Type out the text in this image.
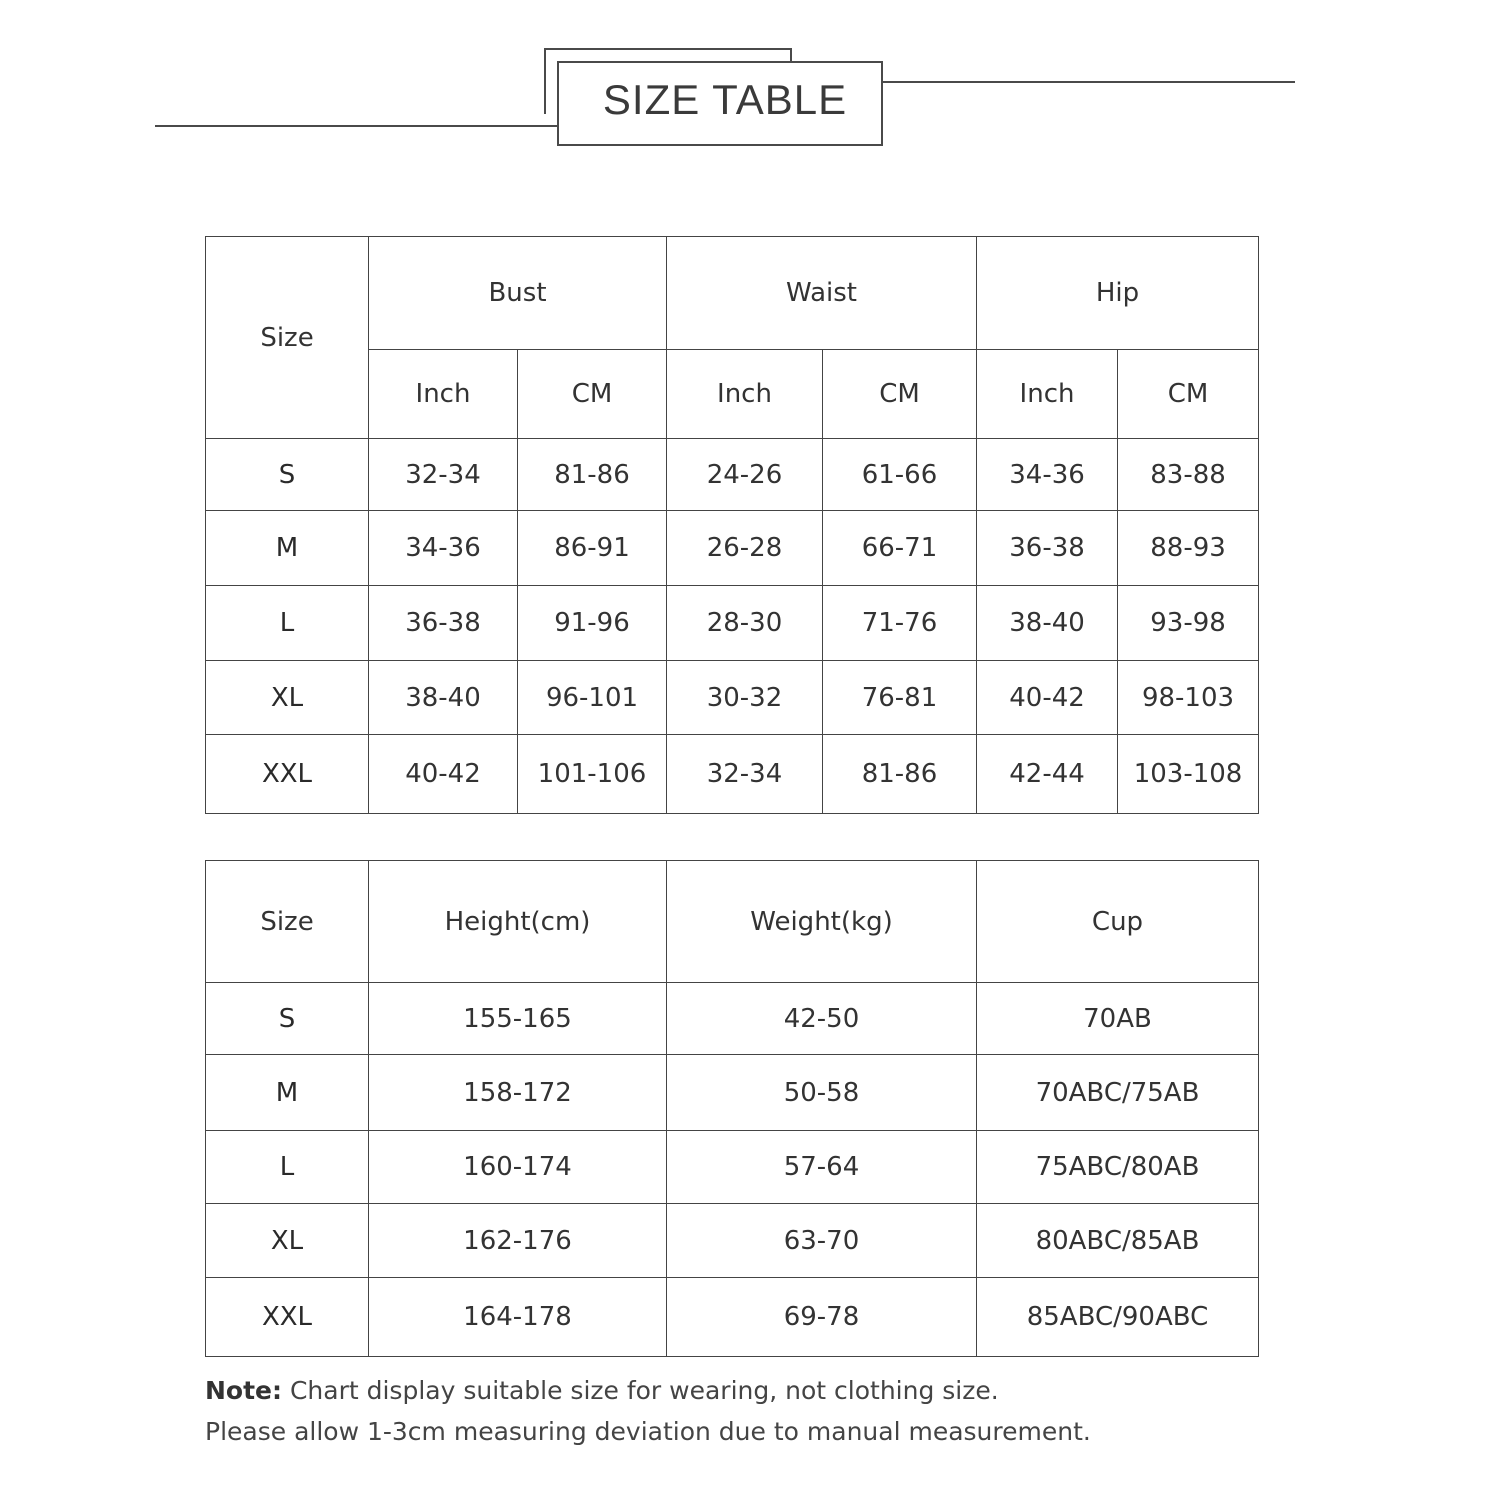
SIZE TABLE
Size	Bust		Waist		Hip	
	Inch	CM	Inch	CM	Inch	CM
S	32-34	81-86	24-26	61-66	34-36	83-88
M	34-36	86-91	26-28	66-71	36-38	88-93
L	36-38	91-96	28-30	71-76	38-40	93-98
XL	38-40	96-101	30-32	76-81	40-42	98-103
XXL	40-42	101-106	32-34	81-86	42-44	103-108
Size	Height(cm)	Weight(kg)	Cup
S	155-165	42-50	70AB
M	158-172	50-58	70ABC/75AB
L	160-174	57-64	75ABC/80AB
XL	162-176	63-70	80ABC/85AB
XXL	164-178	69-78	85ABC/90ABC
Note: Chart display suitable size for wearing, not clothing size.
Please allow 1-3cm measuring deviation due to manual measurement.
